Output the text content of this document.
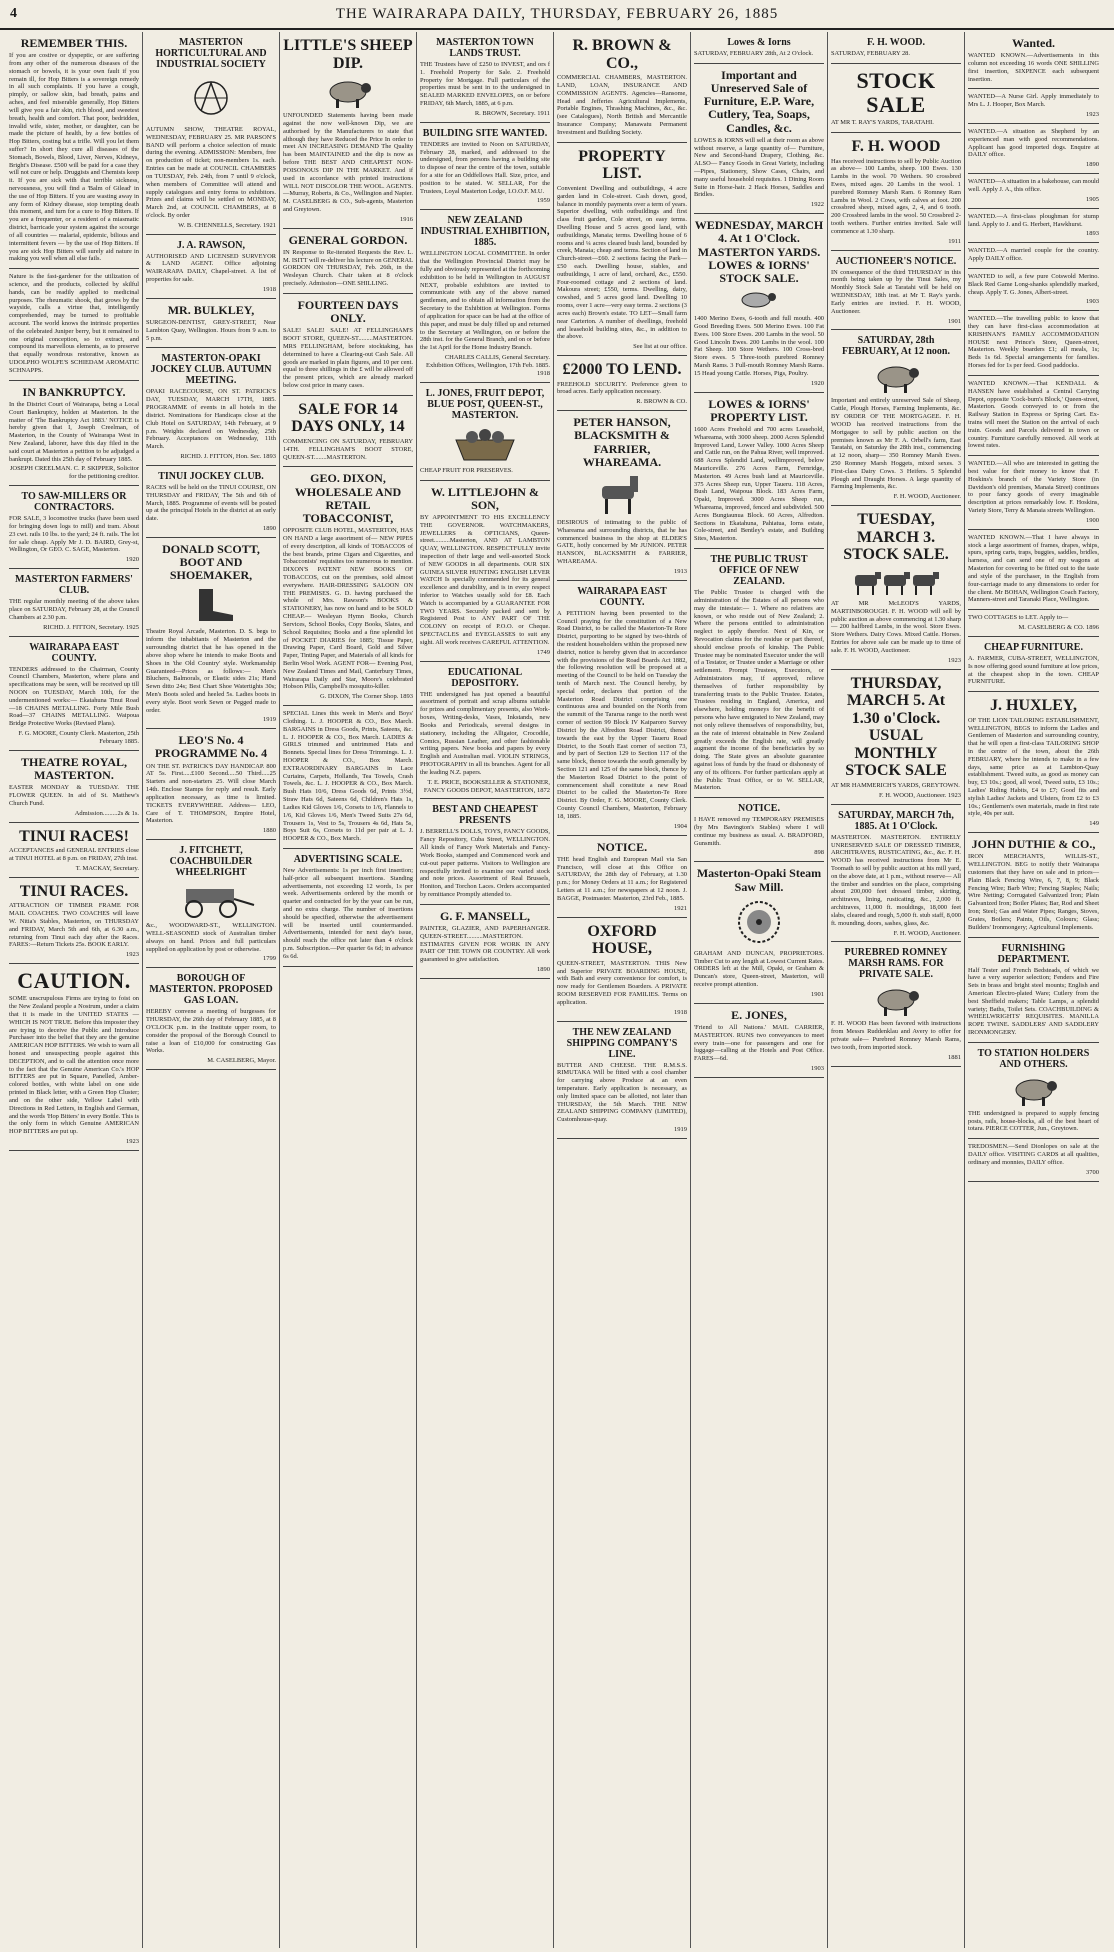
4	THE WAIRARAPA DAILY, THURSDAY, FEBRUARY 26, 1885
REMEMBER THIS.
If you are costive or dyspeptic, or are suffering from any other of the numerous diseases of the stomach or bowels, it is your own fault if you remain ill, for Hop Bitters is a sovereign remedy in all such complaints. If you have a cough, pimply, or sallow skin, bad breath, pains and aches, and feel miserable generally, Hop Bitters will give you a fair skin, rich blood, and sweetest breath, health and comfort. That poor, bedridden, invalid wife, sister, mother, or daughter, can be made the picture of health, by a few bottles of Hop Bitters, costing but a trifle. Will you let them suffer? In short they cure all diseases of the Stomach, Bowels, Blood, Liver, Nerves, Kidneys, Bright's Disease. £500 will be paid for a case they will not cure or help. Druggists and Chemists keep it. If you are sick with that terrible sickness, nervousness, you will find a 'Balm of Gilead' in the use of Hop Bitters. If you are wasting away in any form of Kidney disease, stop tempting death this moment, and turn for a cure to Hop Bitters. If you are a frequenter, or a resident of a miasmatic district, barricade your system against the scourge of all countries — malarial, epidemic, bilious and intermittent fevers — by the use of Hop Bitters. If you are sick Hop Bitters will surely aid nature in making you well when all else fails.
Nature is the fast-gardener for the utilization of science, and the products, collected by skilful hands, can be readily applied to medicinal purposes. The rheumatic shook, that grows by the wayside, calls a virtue that, intelligently comprehended, may be turned to profitable account. The world knows the intrinsic properties of the celebrated Juniper berry, but it remained to one original conception, so to extract, and compound its marvellous elements, as to preserve that equally wondrous restorative, known as UDOLPHO WOLFE'S SCHIEDAM AROMATIC SCHNAPPS.
IN BANKRUPTCY.
In the District Court of Wairarapa, being a Local Court Bankruptcy, holden at Masterton. In the matter of 'The Bankruptcy Act 1883.' NOTICE is hereby given that I, Joseph Creelman, of Masterton, in the County of Wairarapa West in New Zealand, laborer, have this day filed in the said court at Masterton a petition to be adjudged a bankrupt. Dated this 25th day of February 1885.
JOSEPH CREELMAN. C. P. SKIPPER, Solicitor for the petitioning creditor.
TO SAW-MILLERS OR CONTRACTORS.
FOR SALE, 3 locomotive trucks (have been used for bringing down logs to mill) and tram. About 23 cwt. rails 10 lbs. to the yard; 24 ft. rails. The lot for sale cheap. Apply Mr J. D. BAIRD, Grey-st, Wellington, Or GEO. C. SAGE, Masterton.
1920
MASTERTON FARMERS' CLUB.
THE regular monthly meeting of the above takes place on SATURDAY, February 28, at the Council Chambers at 2.30 p.m.
RICHD. J. FITTON, Secretary. 1925
WAIRARAPA EAST COUNTY.
TENDERS addressed to the Chairman, County Council Chambers, Masterton, where plans and specifications may be seen, will be received up till NOON on TUESDAY, March 10th, for the undermentioned works:— Ekatahuna Tinui Road—18 CHAINS METALLING. Forty Mile Bush Road—37 CHAINS METALLING. Waipoua Bridge Protective Works (Revised Plans).
F. G. MOORE, County Clerk. Masterton, 25th February 1885.
THEATRE ROYAL, MASTERTON.
EASTER MONDAY & TUESDAY. THE FLOWER QUEEN. In aid of St. Matthew's Church Fund.
Admission.........2s & 1s.
TINUI RACES!
ACCEPTANCES and GENERAL ENTRIES close at TINUI HOTEL at 8 p.m. on FRIDAY, 27th inst.
T. MACKAY, Secretary.
TINUI RACES.
ATTRACTION OF TIMBER FRAME FOR MAIL COACHES. TWO COACHES will leave W. Nitia's Stables, Masterton, on THURSDAY and FRIDAY, March 5th and 6th, at 6.30 a.m., returning from Tinui each day after the Races. FARES:—Return Tickets 25s. BOOK EARLY.
1923
CAUTION.
SOME unscrupulous Firms are trying to foist on the New Zealand people a Nostrum, under a claim that it is made in the UNITED STATES — WHICH IS NOT TRUE. Before this imposter they are trying to deceive the Public and Introduce Purchaser into the belief that they are the genuine AMERICAN HOP BITTERS. We wish to warn all honest and unsuspecting people against this DECEPTION, and to call the attention once more to the fact that the Genuine American Co.'s HOP BITTERS are put in Square, Panelled, Amber-colored bottles, with white label on one side printed in Black letter, with a Green Hop Cluster; and on the other side, Yellow Label with Directions in Red Letters, in English and German, and the words 'Hop Bitters' in every Bottle. This is the only form in which Genuine AMERICAN HOP BITTERS are put up.
1923
MASTERTON HORTICULTURAL AND INDUSTRIAL SOCIETY
AUTUMN SHOW, THEATRE ROYAL, WEDNESDAY, FEBRUARY 25. MR PARSON'S BAND will perform a choice selection of music during the evening. ADMISSION: Members, free on production of ticket; non-members 1s. each. Entries can be made at COUNCIL CHAMBERS on TUESDAY, Feb. 24th, from 7 until 9 o'clock, when members of Committee will attend and supply catalogues and entry forms to exhibitors. Prizes and claims will be settled on MONDAY, March 2nd, at COUNCIL CHAMBERS, at 8 o'clock. By order
W. B. CHENNELLS, Secretary. 1921
J. A. RAWSON,
AUTHORISED AND LICENSED SURVEYOR & LAND AGENT. Office adjoining WAIRARAPA DAILY, Chapel-street. A list of properties for sale.
1918
MR. BULKLEY,
SURGEON-DENTIST, GREY-STREET, Near Lambton Quay, Wellington. Hours from 9 a.m. to 5 p.m.
MASTERTON-OPAKI JOCKEY CLUB. AUTUMN MEETING.
OPAKI RACECOURSE, ON ST. PATRICK'S DAY, TUESDAY, MARCH 17TH, 1885. PROGRAMME of events in all hotels in the district. Nominations for Handicaps close at the Club Hotel on SATURDAY, 14th February, at 9 p.m. Weights declared on Wednesday, 25th February. Acceptances on Wednesday, 11th March.
RICHD. J. FITTON, Hon. Sec. 1893
TINUI JOCKEY CLUB.
RACES will be held on the TINUI COURSE, ON THURSDAY and FRIDAY, The 5th and 6th of March, 1885. Programme of events will be posted up at the principal Hotels in the district at an early date.
1890
DONALD SCOTT, BOOT AND SHOEMAKER,
Theatre Royal Arcade, Masterton. D. S. begs to inform the inhabitants of Masterton and the surrounding district that he has opened in the above shop where he intends to make Boots and Shoes in 'the Old Country' style. Workmanship Guaranteed—Prices as follows:— Men's Bluchers, Balmorals, or Elastic sides 21s; Hand Sewn ditto 24s; Best Chart Shoe Watertights 30s; Men's Boots soled and heeled 5s. Ladies boots in every style. Boot work Sewn or Pegged made to order.
1919
LEO'S No. 4 PROGRAMME No. 4
ON THE ST. PATRICK'S DAY HANDICAP. 800 AT 5s. First.....£100 Second.....50 Third.....25 Starters and non-starters 25. Will close March 14th. Enclose Stamps for reply and result. Early application necessary, as time is limited. TICKETS EVERYWHERE. Address— LEO, Care of T. THOMPSON, Empire Hotel, Masterton.
1880
J. FITCHETT, COACHBUILDER WHEELRIGHT
&c., WOODWARD-ST., WELLINGTON. WELL-SEASONED stock of Australian timber always on hand. Prices and full particulars supplied on application by post or otherwise.
1799
BOROUGH OF MASTERTON. PROPOSED GAS LOAN.
HEREBY convene a meeting of burgesses for THURSDAY, the 26th day of February 1885, at 8 O'CLOCK p.m. in the Institute upper room, to consider the proposal of the Borough Council to raise a loan of £10,000 for constructing Gas Works.
M. CASELBERG, Mayor.
LITTLE'S SHEEP DIP.
UNFOUNDED Statements having been made against the now well-known Dip, we are authorised by the Manufacturers to state that although they have Reduced the Price In order to meet AN INCREASING DEMAND The Quality has been MAINTAINED and the dip is now as before THE BEST AND CHEAPEST NON-POISONOUS DIP IN THE MARKET. And if used in accordance with printed instructions WILL NOT DISCOLOR THE WOOL. AGENTS.—Murray, Roberts, & Co., Wellington and Napier. M. CASELBERG & CO., Sub-agents, Masterton and Greytown.
1916
GENERAL GORDON.
IN Response to Re-iterated Requests the Rev. L. M. ISITT will re-deliver his lecture on GENERAL GORDON ON THURSDAY, Feb. 26th, in the Wesleyan Church. Chair taken at 8 o'clock precisely. Admission—ONE SHILLING.
FOURTEEN DAYS ONLY.
SALE! SALE! SALE! AT FELLINGHAM'S BOOT STORE, QUEEN-ST.........MASTERTON. MRS FELLINGHAM, before stocktaking, has determined to have a Clearing-out Cash Sale. All goods are marked in plain figures, and 10 per cent. equal to three shillings in the £ will be allowed off the present prices, which are already marked below cost price in many cases.
SALE FOR 14 DAYS ONLY, 14
COMMENCING ON SATURDAY, FEBRUARY 14TH. FELLINGHAM'S BOOT STORE, QUEEN-ST........MASTERTON.
GEO. DIXON, WHOLESALE AND RETAIL TOBACCONIST,
OPPOSITE CLUB HOTEL, MASTERTON, HAS ON HAND a large assortment of— NEW PIPES of every description, all kinds of TOBACCOS of the best brands, prime Cigars and Cigarettes, and Tobacconists' requisites too numerous to mention. DIXON'S PATENT NEW BOOKS OF TOBACCOS, cut on the premises, sold almost everywhere. HAIR-DRESSING SALOON ON THE PREMISES. G. D. having purchased the whole of Mrs. Rawson's BOOKS & STATIONERY, has now on hand and to be SOLD CHEAP.— Wesleyan Hymn Books, Church Services, School Books, Copy Books, Slates, and School Requisites; Books and a fine splendid lot of POCKET DIARIES for 1885; Tissue Paper, Drawing Paper, Card Board, Gold and Silver Paper, Tinting Paper, and Materials of all kinds for Berlin Wool Work. AGENT FOR— Evening Post, New Zealand Times and Mail, Canterbury Times, Wairarapa Daily and Star, Moore's celebrated Hobson Pills, Campbell's mosquito-killer.
G. DIXON, The Corner Shop. 1893
SPECIAL Lines this week in Men's and Boys' Clothing. L. J. HOOPER & CO., Box March. BARGAINS in Dress Goods, Prints, Sateens, &c. L. J. HOOPER & CO., Box March. LADIES & GIRLS trimmed and untrimmed Hats and Bonnets. Special lines for Dress Trimmings. L. J. HOOPER & CO., Box March. EXTRAORDINARY BARGAINS in Lace Curtains, Carpets, Hollands, Tea Towels, Crash Towels, &c. L. J. HOOPER & CO., Box March. Bush Hats 10/6, Dress Goods 6d, Prints 3½d, Straw Hats 6d, Sateens 6d, Children's Hats 1s, Ladies Kid Gloves 1/6, Corsets to 1/6, Flannels to 1/6, Kid Gloves 1/6, Men's Tweed Suits 27s 6d, Trousers 1s, Vest to 5s, Trousers 4s 6d, Hats 5s, Boys Suit 6s, Corsets to 11d per pair at L. J. HOOPER & CO., Box March.
ADVERTISING SCALE.
New Advertisements: 1s per inch first insertion; half-price all subsequent insertions. Standing advertisements, not exceeding 12 words, 1s per week. Advertisements ordered by the month or quarter and contracted for by the year can be run, and no extra charge. The number of insertions should be specified, otherwise the advertisement will be inserted until countermanded. Advertisements, intended for next day's issue, should reach the office not later than 4 o'clock p.m. Subscription.—Per quarter 6s 6d; in advance 6s 6d.
MASTERTON TOWN LANDS TRUST.
THE Trustees have of £250 to INVEST, and ors f 1. Freehold Property for Sale. 2. Freehold Property for Mortgage. Full particulars of the properties must be sent in to the undersigned in SEALED MARKED ENVELOPES, on or before FRIDAY, 6th March, 1885, at 6 p.m.
R. BROWN, Secretary. 1911
BUILDING SITE WANTED.
TENDERS are invited to Noon on SATURDAY, February 28, marked, and addressed to the undersigned, from persons having a building site to dispose of near the centre of the town, suitable for a site for an Oddfellows Hall. Size, price, and position to be stated. W. SELLAR, For the Trustees, Loyal Masterton Lodge, I.O.O.F. M.U.
1959
NEW ZEALAND INDUSTRIAL EXHIBITION, 1885.
WELLINGTON LOCAL COMMITTEE. In order that the Wellington Provincial District may be fully and obviously represented at the forthcoming exhibition to be held in Wellington in AUGUST NEXT, probable exhibitors are invited to communicate with any of the above named gentlemen, and to obtain all information from the Secretary to the Exhibition at Wellington. Forms of application for space can be had at the office of this paper, and must be duly filled up and returned to the Secretary at Wellington, on or before the 28th inst. for the General Branch, and on or before the 1st April for the Home Industry Branch.
CHARLES CALLIS, General Secretary. Exhibition Offices, Wellington, 17th Feb. 1885. 1918
L. JONES, FRUIT DEPOT, BLUE POST, QUEEN-ST., MASTERTON.
CHEAP FRUIT FOR PRESERVES.
W. LITTLEJOHN & SON,
BY APPOINTMENT TO HIS EXCELLENCY THE GOVERNOR. WATCHMAKERS, JEWELLERS & OPTICIANS, Queen-street..........Masterton, AND AT LAMBTON QUAY, WELLINGTON. RESPECTFULLY invite inspection of their large and well-assorted Stock of NEW GOODS in all departments. OUR SIX GUINEA SILVER HUNTING ENGLISH LEVER WATCH Is specially commended for its general excellence and durability, and is in every respect inferior to Watches usually sold for £8. Each Watch is accompanied by a GUARANTEE FOR TWO YEARS. Securely packed and sent by Registered Post to ANY PART OF THE COLONY on receipt of P.O.O. or Cheque. SPECTACLES and EYEGLASSES to suit any sight. All work receives CAREFUL ATTENTION.
1749
EDUCATIONAL DEPOSITORY.
THE undersigned has just opened a beautiful assortment of portrait and scrap albums suitable for prizes and complimentary presents, also Work-boxes, Writing-desks, Vases, Inkstands, new Books and Periodicals, several designs in stationery, including the Alligator, Crocodile, Comics, Russian Leather, and other fashionable writing papers. New books and papers by every English and Australian mail. VIOLIN STRINGS, PHOTOGRAPHY in all its branches. Agent for all the leading N.Z. papers.
T. E. PRICE, BOOKSELLER & STATIONER, FANCY GOODS DEPOT, MASTERTON, 1872
BEST AND CHEAPEST PRESENTS
J. BERRELL'S DOLLS, TOYS, FANCY GOODS, Fancy Repository, Cuba Street, WELLINGTON. All kinds of Fancy Work Materials and Fancy-Work Books, stamped and Commenced work and cut-out paper patterns. Visitors to Wellington are respectfully invited to examine our varied stock and note prices. Assortment of Real Brussels, Honiton, and Torchon Laces. Orders accompanied by remittance Promptly attended to.
G. F. MANSELL,
PAINTER, GLAZIER, AND PAPERHANGER. QUEEN-STREET..........MASTERTON. ESTIMATES GIVEN FOR WORK IN ANY PART OF THE TOWN OR COUNTRY. All work guaranteed to give satisfaction.
1890
R. BROWN & CO.,
COMMERCIAL CHAMBERS, MASTERTON. LAND, LOAN, INSURANCE AND COMMISSION AGENTS. Agencies—Ransome, Head and Jefferies Agricultural Implements, Portable Engines, Thrashing Machines, &c., &c. (see Catalogues), North British and Mercantile Insurance Company; Manawatu Permanent Investment and Building Society.
PROPERTY LIST.
Convenient Dwelling and outbuildings, 4 acre garden land in Cole-street. Cash down, good, balance in monthly payments over a term of years. Superior dwelling, with outbuildings and first class fruit garden, Cole street, on easy terms. Dwelling House and 5 acres good land, with outbuildings, Manaia; terms. Dwelling house of 6 rooms and ¼ acres cleared bush land, bounded by creek, Manaia; cheap and terms. Section of land in Church-street—£60. 2 sections facing the Park—£50 each. Dwelling house, stables, and outbuildings, 1 acre of land, orchard, &c., £550. Four-roomed cottage and 2 sections of land. Makoura street; £550, terms. Dwelling, dairy, cowshed, and 5 acres good land. Dwelling 10 rooms, over 1 acre—very easy terms. 2 sections (3 acres each) Brown's estate. TO LET—Small farm near Carterton. A number of dwellings, freehold and leasehold building sites, &c., in addition to the above.
See list at our office.
£2000 TO LEND.
FREEHOLD SECURITY. Preference given to broad acres. Early application necessary.
R. BROWN & CO.
PETER HANSON, BLACKSMITH & FARRIER, WHAREAMA.
DESIROUS of intimating to the public of Whareama and surrounding districts, that he has commenced business in the shop at ELDER'S GATE, hotly concerned by Mr JUNION. PETER HANSON, BLACKSMITH & FARRIER, WHAREAMA.
1913
WAIRARAPA EAST COUNTY.
A PETITION having been presented to the Council praying for the constitution of a New Road District, to be called the Masterton-Te Rore District, purporting to be signed by two-thirds of the resident householders within the proposed new district, notice is hereby given that in accordance with the provisions of the Road Boards Act 1882, the following resolution will be proposed at a meeting of the Council to be held on Tuesday the tenth of March next. The Council hereby, by special order, declares that portion of the Masterton Road District comprising one continuous area and bounded on the North from the summit of the Tararua range to the north west corner of section 99 Block IV Kaiparoro Survey District by the Alfredton Road District, thence towards the east by the Upper Taueru Road District, to the South East corner of section 73, and by part of Section 129 to Section 117 of the same block, thence towards the south generally by Section 121 and 125 of the same block, thence by the Masterton Road District to the point of commencement shall constitute a new Road District to be called the Masterton-Te Rore District. By Order, F. G. MOORE, County Clerk. County Council Chambers, Masterton, February 18, 1885.
1904
NOTICE.
THE head English and European Mail via San Francisco, will close at this Office on SATURDAY, the 28th day of February, at 1.30 p.m.; for Money Orders at 11 a.m.; for Registered Letters at 11 a.m.; for newspapers at 12 noon. J. BAGGE, Postmaster. Masterton, 23rd Feb., 1885.
1921
OXFORD HOUSE,
QUEEN-STREET, MASTERTON. THIS New and Superior PRIVATE BOARDING HOUSE, with Bath and every convenience for comfort, is now ready for Gentlemen Boarders. A PRIVATE ROOM RESERVED FOR FAMILIES. Terms on application.
1918
THE NEW ZEALAND SHIPPING COMPANY'S LINE.
BUTTER AND CHEESE. THE R.M.S.S. RIMUTAKA Will be fitted with a cool chamber for carrying above Produce at an even temperature. Early application is necessary, as only limited space can be allotted, not later than THURSDAY, the 5th March. THE NEW ZEALAND SHIPPING COMPANY (LIMITED), Customhouse-quay.
1919
Lowes & Iorns
SATURDAY, FEBRUARY 28th, At 2 O'clock.
Important and Unreserved Sale of Furniture, E.P. Ware, Cutlery, Tea, Soaps, Candles, &c.
LOWES & IORNS will sell at their room as above without reserve, a large quantity of— Furniture, New and Second-hand Drapery, Clothing, &c. ALSO— Fancy Goods in Great Variety, including—Pipes, Stationery, Show Cases, Chairs, and many useful household requisites. 1 Dining Room Suite in Horse-hair. 2 Hack Horses, Saddles and Bridles.
1922
WEDNESDAY, MARCH 4. At 1 O'Clock. MASTERTON YARDS. LOWES & IORNS' STOCK SALE.
1400 Merino Ewes, 6-tooth and full mouth. 400 Good Breeding Ewes. 500 Merino Ewes. 100 Fat Ewes. 100 Store Ewes. 200 Lambs in the wool. 50 Good Lincoln Ewes. 200 Lambs in the wool. 100 Fat Sheep. 100 Store Wethers. 100 Cross-bred Store ewes. 5 Three-tooth purebred Romney Marsh Rams. 3 Full-mouth Romney Marsh Rams. 15 Head young Cattle. Horses, Pigs, Poultry.
1920
LOWES & IORNS' PROPERTY LIST.
1600 Acres Freehold and 700 acres Leasehold, Whareama, with 3000 sheep. 2000 Acres Splendid Improved Land, Lower Valley. 1000 Acres Sheep and Cattle run, on the Pahua River, well improved. 688 Acres Splendid Land, wellimproved, below Mauriceville. 276 Acres Farm, Fernridge, Masterton. 49 Acres bush land at Mauriceville. 375 Acres Sheep run, Upper Taueru. 118 Acres, Bush Land, Waipoua Block. 183 Acres Farm, Opaki, Improved. 3000 Acres Sheep run, Whareama, improved, fenced and subdivided. 500 Acres Bungtaunua Block. 60 Acres, Alfredton. Sections in Ekatahuna, Pahiatua, Iorns estate, Cole-street, and Bentley's estate, and Building Sites, Masterton.
THE PUBLIC TRUST OFFICE OF NEW ZEALAND.
The Public Trustee is charged with the administration of the Estates of all persons who may die intestate:— 1. Where no relatives are known, or who reside out of New Zealand; 2. Where the persons entitled to administration neglect to apply therefor. Next of Kin, or Revocation claims for the residue or part thereof, should enclose proofs of kinship. The Public Trustee may be nominated Executor under the will of a Testator, or Trustee under a Marriage or other settlement. Prompt Trustees, Executors, or Administrators may, if approved, relieve themselves of further responsibility by transferring trusts to the Public Trustee. Estates, Trustees residing in England, America, and elsewhere, holding moneys for the benefit of persons who have emigrated to New Zealand, may not only relieve themselves of responsibility, but, as the rate of interest obtainable in New Zealand greatly exceeds the English rate, will greatly augment the income of the beneficiaries by so doing. The State gives an absolute guarantee against loss of funds by the fraud or dishonesty of any of its officers. For further particulars apply at the Public Trust Office, or to W. SELLAR, Masterton.
NOTICE.
I HAVE removed my TEMPORARY PREMISES (by Mrs Bavington's Stables) where I will continue my business as usual. A. BRADFORD, Gunsmith.
898
Masterton-Opaki Steam Saw Mill.
GRAHAM AND DUNCAN, PROPRIETORS. Timber Cut to any length at Lowest Current Rates. ORDERS left at the Mill, Opaki, or Graham & Duncan's store, Queen-street, Masterton, will receive prompt attention.
1901
E. JONES,
'Friend to All Nations.' MAIL CARRIER, MASTERTON. RUNS two conveyances to meet every train—one for passengers and one for luggage—calling at the Hotels and Post Office. FARES—6d.
1903
F. H. WOOD.
SATURDAY, FEBRUARY 28.
STOCK SALE
AT MR T. RAY'S YARDS, TARATAHI.
F. H. WOOD
Has received instructions to sell by Public Auction as above— 100 Lambs, sheep. 100 Ewes. 130 Lambs in the wool. 70 Wethers. 90 crossbred Ewes, mixed ages. 20 Lambs in the wool. 1 purebred Romney Marsh Ram. 6 Romney Ram Lambs in Wool. 2 Cows, with calves at foot. 200 crossbred sheep, mixed ages, 2, 4, and 6 tooth. 200 Crossbred lambs in the wool. 50 Crossbred 2-tooth wethers. Further entries invited. Sale will commence at 1.30 sharp.
1911
AUCTIONEER'S NOTICE.
IN consequence of the third THURSDAY in this month being taken up by the Tinui Sales, my Monthly Stock Sale at Taratahi will be held on WEDNESDAY, 18th inst. at Mr T. Ray's yards. Early entries are invited. F. H. WOOD, Auctioneer.
1901
SATURDAY, 28th FEBRUARY, At 12 noon.
Important and entirely unreserved Sale of Sheep, Cattle, Plough Horses, Farming Implements, &c. BY ORDER OF THE MORTGAGEE. F. H. WOOD has received instructions from the Mortgagee to sell by public auction on the premises known as Mr F. A. Orbell's farm, East Taratahi, on Saturday the 28th inst., commencing at 12 noon, sharp— 350 Romney Marsh Ewes. 250 Romney Marsh Hoggets, mixed sexes. 3 First-class Dairy Cows. 3 Heifers. 5 Splendid Plough and Draught Horses. A large quantity of Farming Implements, &c.
F. H. WOOD, Auctioneer.
TUESDAY, MARCH 3. STOCK SALE.
AT MR McLEOD'S YARDS, MARTINBOROUGH. F. H. WOOD will sell by public auction as above commencing at 1.30 sharp— 200 halfbred Lambs, in the wool. Store Ewes. Store Wethers. Dairy Cows. Mixed Cattle. Horses. Entries for above sale can be made up to time of sale. F. H. WOOD, Auctioneer.
1923
THURSDAY, MARCH 5. At 1.30 o'Clock. USUAL MONTHLY STOCK SALE
AT MR HAMMERICH'S YARDS, GREYTOWN.
F. H. WOOD, Auctioneer. 1923
SATURDAY, MARCH 7th, 1885. At 1 O'Clock.
MASTERTON. MASTERTON. ENTIRELY UNRESERVED SALE OF DRESSED TIMBER, ARCHITRAVES, RUSTICATING, &c., &c. F. H. WOOD has received instructions from Mr E. Toomath to sell by public auction at his mill yard, on the above date, at 1 p.m., without reserve— All the timber and sundries on the place, comprising about 200,000 feet dressed timber, skirting, architraves, lining, rusticating, &c., 2,000 ft. architraves, 11,000 ft. mouldings, 18,000 feet slabs, cleared and rough, 5,000 ft. stub staff, 8,000 ft. mounding, doors, sashes, glass, &c.
F. H. WOOD, Auctioneer.
PUREBRED ROMNEY MARSH RAMS. FOR PRIVATE SALE.
F. H. WOOD Has been favored with instructions from Messrs Ruddenklau and Avery to offer for private sale— Purebred Romney Marsh Rams, two tooth, from imported stock.
1881
Wanted.
WANTED KNOWN.—Advertisements in this column not exceeding 16 words ONE SHILLING first insertion, SIXPENCE each subsequent insertion.
WANTED—A Nurse Girl. Apply immediately to Mrs L. J. Hooper, Box March.
1923
WANTED.—A situation as Shepherd by an experienced man with good recommendations. Applicant has good imported dogs. Enquire at DAILY office.
1890
WANTED—A situation in a bakehouse, can mould well. Apply J. A., this office.
1905
WANTED.—A first-class ploughman for stump land. Apply to J. and G. Herbert, Hawkhurst.
1893
WANTED.—A married couple for the country. Apply DAILY office.
WANTED to sell, a few pure Cotswold Merino. Black Red Game Long-shanks splendidly marked, cheap. Apply T. G. Jones, Albert-street.
1903
WANTED.—The travelling public to know that they can have first-class accommodation at KRISHNAN'S FAMILY ACCOMMODATION HOUSE next Prince's Store, Queen-street, Masterton. Weekly boarders £1; all meals, 1s; Beds 1s 6d. Special arrangements for families. Horses fed for 1s per feed. Good paddocks.
WANTED KNOWN.—That KENDALL & HANSEN have established a Central Carrying Depot, opposite 'Cock-burn's Block,' Queen-street, Masterton. Goods conveyed to or from the Railway Station in Express or Spring Cart. Ex-trains will meet the Station on the arrival of each train. Goods and Parcels delivered in town or country. Furniture carefully removed. All work at lowest rates.
WANTED.—All who are interested in getting the best value for their money to know that F. Hoskins's branch of the Variety Store (in Davidson's old premises, Manaia Street) continues to pour fancy goods of every imaginable description at prices remarkably low. F. Hoskins, Variety Store, Terry & Manaia streets Wellington.
1900
WANTED KNOWN.—That I have always in stock a large assortment of frames, drapes, whips, spurs, spring carts, traps, buggies, saddles, bridles, harness, and can send one of my wagons at Masterton for covering to be fitted out to the taste and style of the purchaser, in the English from four-carriage made to any dimensions to order for the client. Mr BOHAN, Wellington Coach Factory, Manners-street and Taranaki Place, Wellington.
TWO COTTAGES to LET. Apply to—
M. CASELBERG & CO. 1896
CHEAP FURNITURE.
A. FARMER, CUBA-STREET, WELLINGTON, Is now offering good sound furniture at low prices, at the cheapest shop in the town. CHEAP FURNITURE.
J. HUXLEY,
OF THE LION TAILORING ESTABLISHMENT, WELLINGTON, BEGS to inform the Ladies and Gentlemen of Masterton and surrounding country, that he will open a first-class TAILORING SHOP in the centre of the town, about the 26th FEBRUARY, where he intends to make in a few days, same price as at Lambton-Quay establishment. Tweed suits, as good as money can buy, £3 10s.; good, all wool, Tweed suits, £3 10s.; Ladies' Riding Habits, £4 to £7; Good fits and stylish Ladies' Jackets and Ulsters, from £2 to £3 10s.; Gentlemen's own materials, made in first rate style, 40s per suit.
149
JOHN DUTHIE & CO.,
IRON MERCHANTS, WILLIS-ST., WELLINGTON. BEG to notify their Wairarapa customers that they have on sale and in prices— Plain Black Fencing Wire, 6, 7, 8, 9; Black Fencing Wire; Barb Wire; Fencing Staples; Nails; Wire Netting; Corrugated Galvanized Iron; Plain Galvanized Iron; Boiler Plates; Bar, Rod and Sheet Iron; Steel; Gas and Water Pipes; Ranges, Stoves, Grates, Boilers; Paints, Oils, Colours; Glass; Builders' Ironmongery; Agricultural Implements.
FURNISHING DEPARTMENT.
Half Tester and French Bedsteads, of which we have a very superior selection; Fenders and Fire Sets in brass and bright steel mounts; English and American Electro-plated Ware; Cutlery from the best Sheffield makers; Table Lamps, a splendid variety; Baths, Toilet Sets. COACHBUILDING & WHEELWRIGHTS' REQUISITES. MANILLA ROPE TWINE. SADDLERS' AND SADDLERY IRONMONGERY.
TO STATION HOLDERS AND OTHERS.
THE undersigned is prepared to supply fencing posts, rails, house-blocks, all of the best heart of totara. PIERCE COTTER, Jun., Greytown.
TREDOSMEN.—Send Dionlopes on sale at the DAILY office. VISITING CARDS at all qualities, ordinary and monnies, DAILY office.
3700
